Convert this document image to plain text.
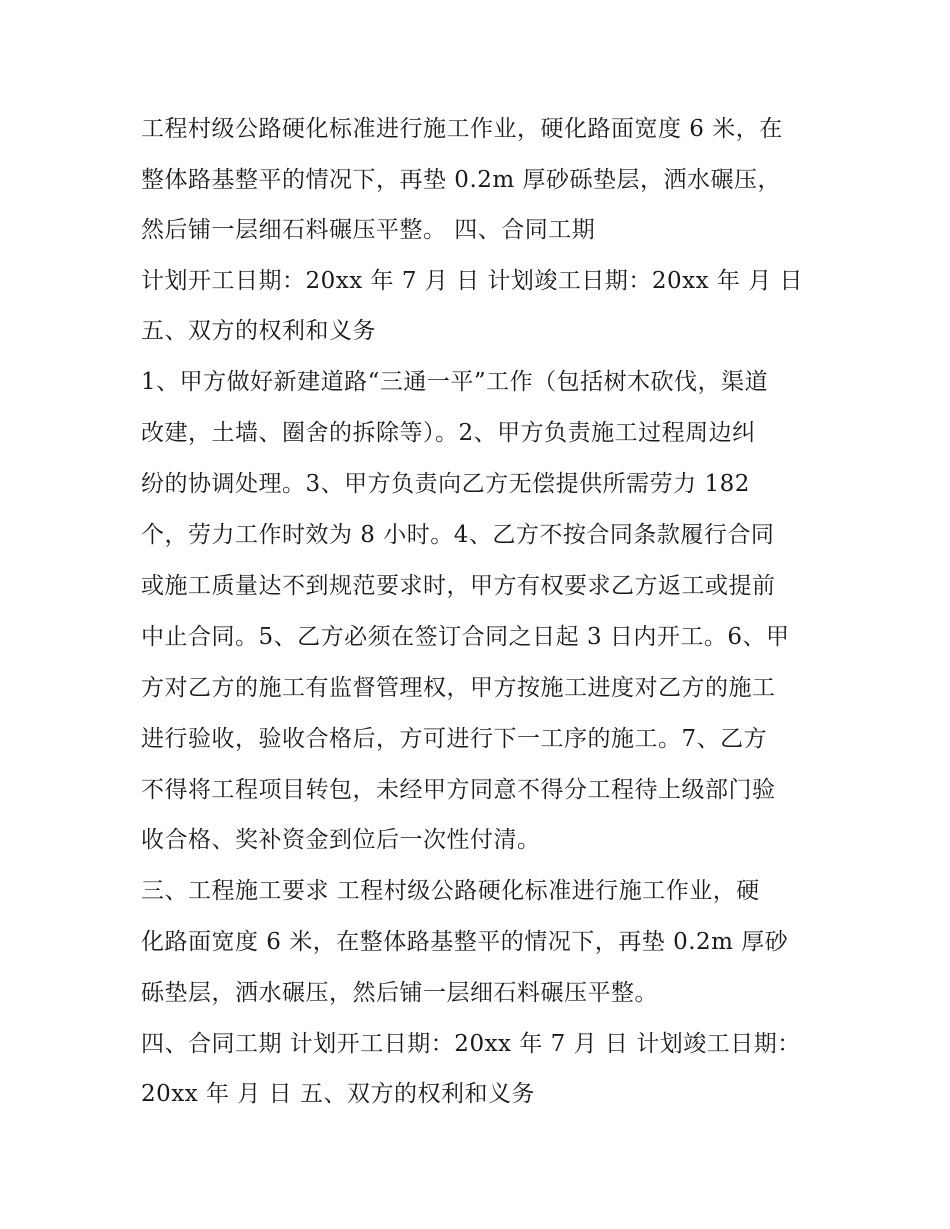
工程村级公路硬化标准进行施工作业，硬化路面宽度 6 米，在
整体路基整平的情况下，再垫 0.2m 厚砂砾垫层，洒水碾压，
然后铺一层细石料碾压平整。 四、合同工期
计划开工日期：20xx 年 7 月 日 计划竣工日期：20xx 年 月 日
五、双方的权利和义务
1、甲方做好新建道路“三通一平”工作（包括树木砍伐，渠道
改建，土墙、圈舍的拆除等）。2、甲方负责施工过程周边纠
纷的协调处理。3、甲方负责向乙方无偿提供所需劳力 182
个，劳力工作时效为 8 小时。4、乙方不按合同条款履行合同
或施工质量达不到规范要求时，甲方有权要求乙方返工或提前
中止合同。5、乙方必须在签订合同之日起 3 日内开工。6、甲
方对乙方的施工有监督管理权，甲方按施工进度对乙方的施工
进行验收，验收合格后，方可进行下一工序的施工。7、乙方
不得将工程项目转包，未经甲方同意不得分工程待上级部门验
收合格、奖补资金到位后一次性付清。
三、工程施工要求 工程村级公路硬化标准进行施工作业，硬
化路面宽度 6 米，在整体路基整平的情况下，再垫 0.2m 厚砂
砾垫层，洒水碾压，然后铺一层细石料碾压平整。
四、合同工期 计划开工日期：20xx 年 7 月 日 计划竣工日期：
20xx 年 月 日 五、双方的权利和义务
